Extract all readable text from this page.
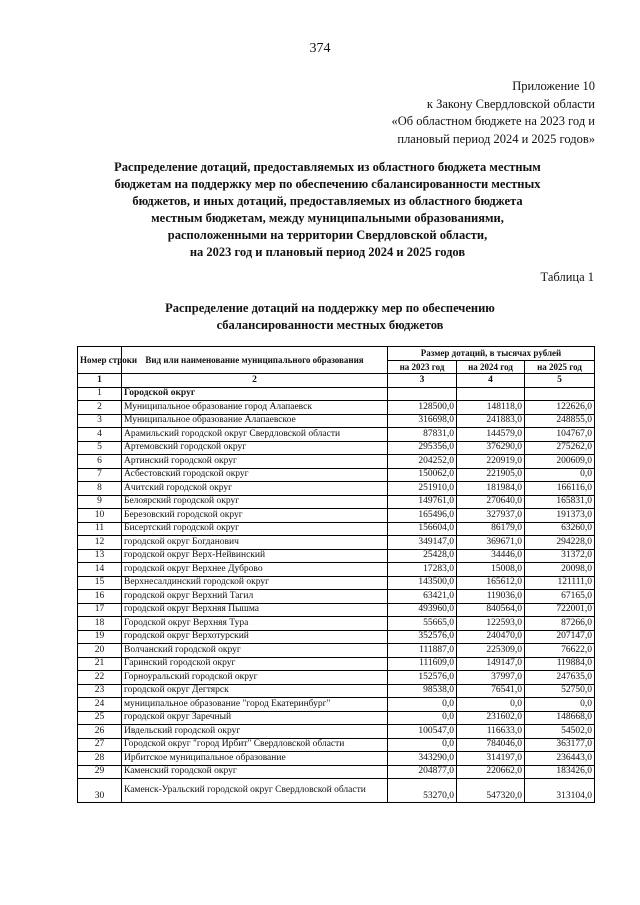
374
Приложение 10
к Закону Свердловской области
«Об областном бюджете на 2023 год и
плановый период 2024 и 2025 годов»
Распределение дотаций, предоставляемых из областного бюджета местным
бюджетам на поддержку мер по обеспечению сбалансированности местных
бюджетов, и иных дотаций, предоставляемых из областного бюджета
местным бюджетам, между муниципальными образованиями,
расположенными на территории Свердловской области,
на 2023 год и плановый период 2024 и 2025 годов
Таблица 1
Распределение дотаций на поддержку мер по обеспечению
сбалансированности местных бюджетов
Номер строки	Вид или наименование муниципального образования	Размер дотаций, в тысячах рублей		
		на 2023 год	на 2024 год	на 2025 год
1	2	3	4	5
1	Городской округ			
2	Муниципальное образование город Алапаевск	128500,0	148118,0	122626,0
3	Муниципальное образование Алапаевское	316698,0	241883,0	248855,0
4	Арамильский городской округ Свердловской области	87831,0	144579,0	104767,0
5	Артемовский городской округ	295356,0	376290,0	275262,0
6	Артинский городской округ	204252,0	220919,0	200609,0
7	Асбестовский городской округ	150062,0	221905,0	0,0
8	Ачитский городской округ	251910,0	181984,0	166116,0
9	Белоярский городской округ	149761,0	270640,0	165831,0
10	Березовский городской округ	165496,0	327937,0	191373,0
11	Бисертский городской округ	156604,0	86179,0	63260,0
12	городской округ Богданович	349147,0	369671,0	294228,0
13	городской округ Верх-Нейвинский	25428,0	34446,0	31372,0
14	городской округ Верхнее Дуброво	17283,0	15008,0	20098,0
15	Верхнесалдинский городской округ	143500,0	165612,0	121111,0
16	городской округ Верхний Тагил	63421,0	119036,0	67165,0
17	городской округ Верхняя Пышма	493960,0	840564,0	722001,0
18	Городской округ Верхняя Тура	55665,0	122593,0	87266,0
19	городской округ Верхотурский	352576,0	240470,0	207147,0
20	Волчанский городской округ	111887,0	225309,0	76622,0
21	Гаринский городской округ	111609,0	149147,0	119884,0
22	Горноуральский городской округ	152576,0	37997,0	247635,0
23	городской округ Дегтярск	98538,0	76541,0	52750,0
24	муниципальное образование "город Екатеринбург"	0,0	0,0	0,0
25	городской округ Заречный	0,0	231602,0	148668,0
26	Ивдельский городской округ	100547,0	116633,0	54502,0
27	Городской округ "город Ирбит" Свердловской области	0,0	784046,0	363177,0
28	Ирбитское муниципальное образование	343290,0	314197,0	236443,0
29	Каменский городской округ	204877,0	220662,0	183426,0
30	Каменск-Уральский городской округ Свердловской области	53270,0	547320,0	313104,0
